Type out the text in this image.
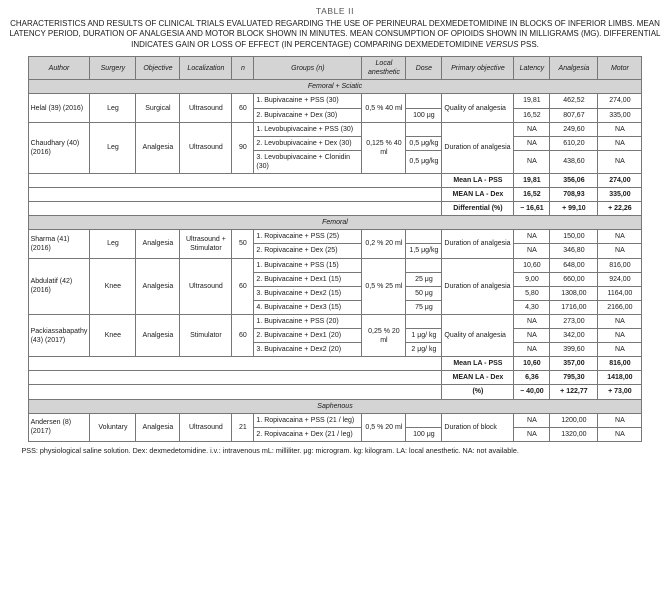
TABLE II

CHARACTERISTICS AND RESULTS OF CLINICAL TRIALS EVALUATED REGARDING THE USE OF PERINEURAL DEXMEDETOMIDINE IN BLOCKS OF INFERIOR LIMBS. MEAN LATENCY PERIOD, DURATION OF ANALGESIA AND MOTOR BLOCK SHOWN IN MINUTES. MEAN CONSUMPTION OF OPIOIDS SHOWN IN MILLIGRAMS (MG). DIFFERENTIAL INDICATES GAIN OR LOSS OF EFFECT (IN PERCENTAGE) COMPARING DEXMEDETOMIDINE VERSUS PSS.

Author	Surgery	Objective	Localization	n	Groups (n)	Local anesthetic	Dose	Primary objective	Latency	Analgesia	Motor
Femoral + Sciatic											
Helal (39) (2016)	Leg	Surgical	Ultrasound	60	1. Bupivacaine + PSS (30)	0,5 % 40 ml		Quality of analgesia	19,81	462,52	274,00
					2. Bupivacaine + Dex (30)		100 μg		16,52	807,67	335,00
Chaudhary (40) (2016)	Leg	Analgesia	Ultrasound	90	1. Levobupivacaine + PSS (30)	0,125 % 40 ml		Duration of analgesia	NA	249,60	NA
					2. Levobupivacaine + Dex (30)		0,5 μg/kg		NA	610,20	NA
					3. Levobupivacaine + Clonidin (30)		0,5 μg/kg		NA	438,60	NA
								Mean LA - PSS	19,81	356,06	274,00
								MEAN LA - Dex	16,52	708,93	335,00
								Differential (%)	− 16,61	+ 99,10	+ 22,26
Femoral											
Sharma (41) (2016)	Leg	Analgesia	Ultrasound + Stimulator	50	1. Ropivacaine + PSS (25)	0,2 % 20 ml		Duration of analgesia	NA	150,00	NA
					2. Ropivacaine + Dex (25)		1,5 μg/kg		NA	346,80	NA
Abdulatif (42) (2016)	Knee	Analgesia	Ultrasound	60	1. Bupivacaine + PSS (15)	0,5 % 25 ml		Duration of analgesia	10,60	648,00	816,00
					2. Bupivacaine + Dex1 (15)		25 μg		9,00	660,00	924,00
					3. Bupivacaine + Dex2 (15)		50 μg		5,80	1308,00	1164,00
					4. Bupivacaine + Dex3 (15)		75 μg		4,30	1716,00	2166,00
Packiassabapathy (43) (2017)	Knee	Analgesia	Stimulator	60	1. Bupivacaine + PSS (20)	0,25 % 20 ml		Quality of analgesia	NA	273,00	NA
					2. Bupivacaine + Dex1 (20)		1 μg/ kg		NA	342,00	NA
					3. Bupivacaine + Dex2 (20)		2 μg/ kg		NA	399,60	NA
								Mean LA - PSS	10,60	357,00	816,00
								MEAN LA - Dex	6,36	795,30	1418,00
								(%)	− 40,00	+ 122,77	+ 73,00
Saphenous											
Andersen (8) (2017)	Voluntary	Analgesia	Ultrasound	21	1. Ropivacaina + PSS (21 / leg)	0,5 % 20 ml		Duration of block	NA	1200,00	NA
					2. Ropivacaina + Dex (21 / leg)		100 μg		NA	1320,00	NA
PSS: physiological saline solution. Dex: dexmedetomidine. i.v.: intravenous mL: milliliter. μg: microgram. kg: kilogram. LA: local anesthetic. NA: not available.
